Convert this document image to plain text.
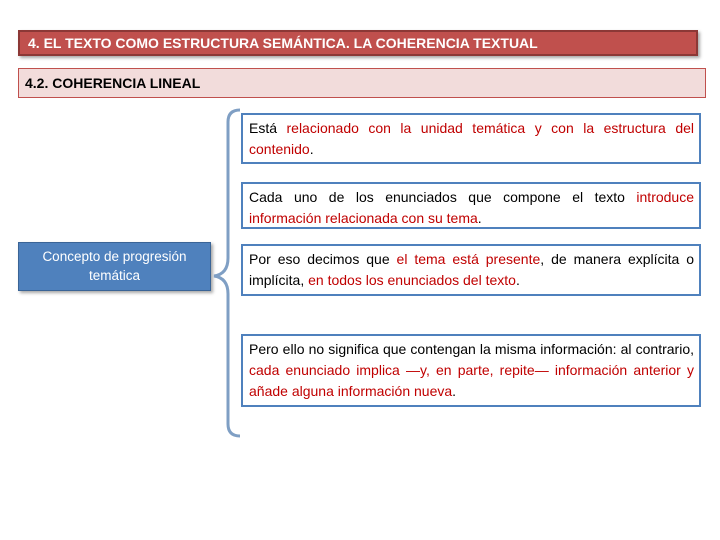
4. EL TEXTO COMO ESTRUCTURA SEMÁNTICA. LA COHERENCIA TEXTUAL
4.2. COHERENCIA LINEAL
Concepto de progresión
temática
Está relacionado con la unidad temática y con la estructura del contenido.
Cada uno de los enunciados que compone el texto introduce información relacionada con su tema.
Por eso decimos que el tema está presente, de manera explícita o implícita, en todos los enunciados del texto.
Pero ello no significa que contengan la misma información: al contrario, cada enunciado implica —y, en parte, repite— información anterior y añade alguna información nueva.
